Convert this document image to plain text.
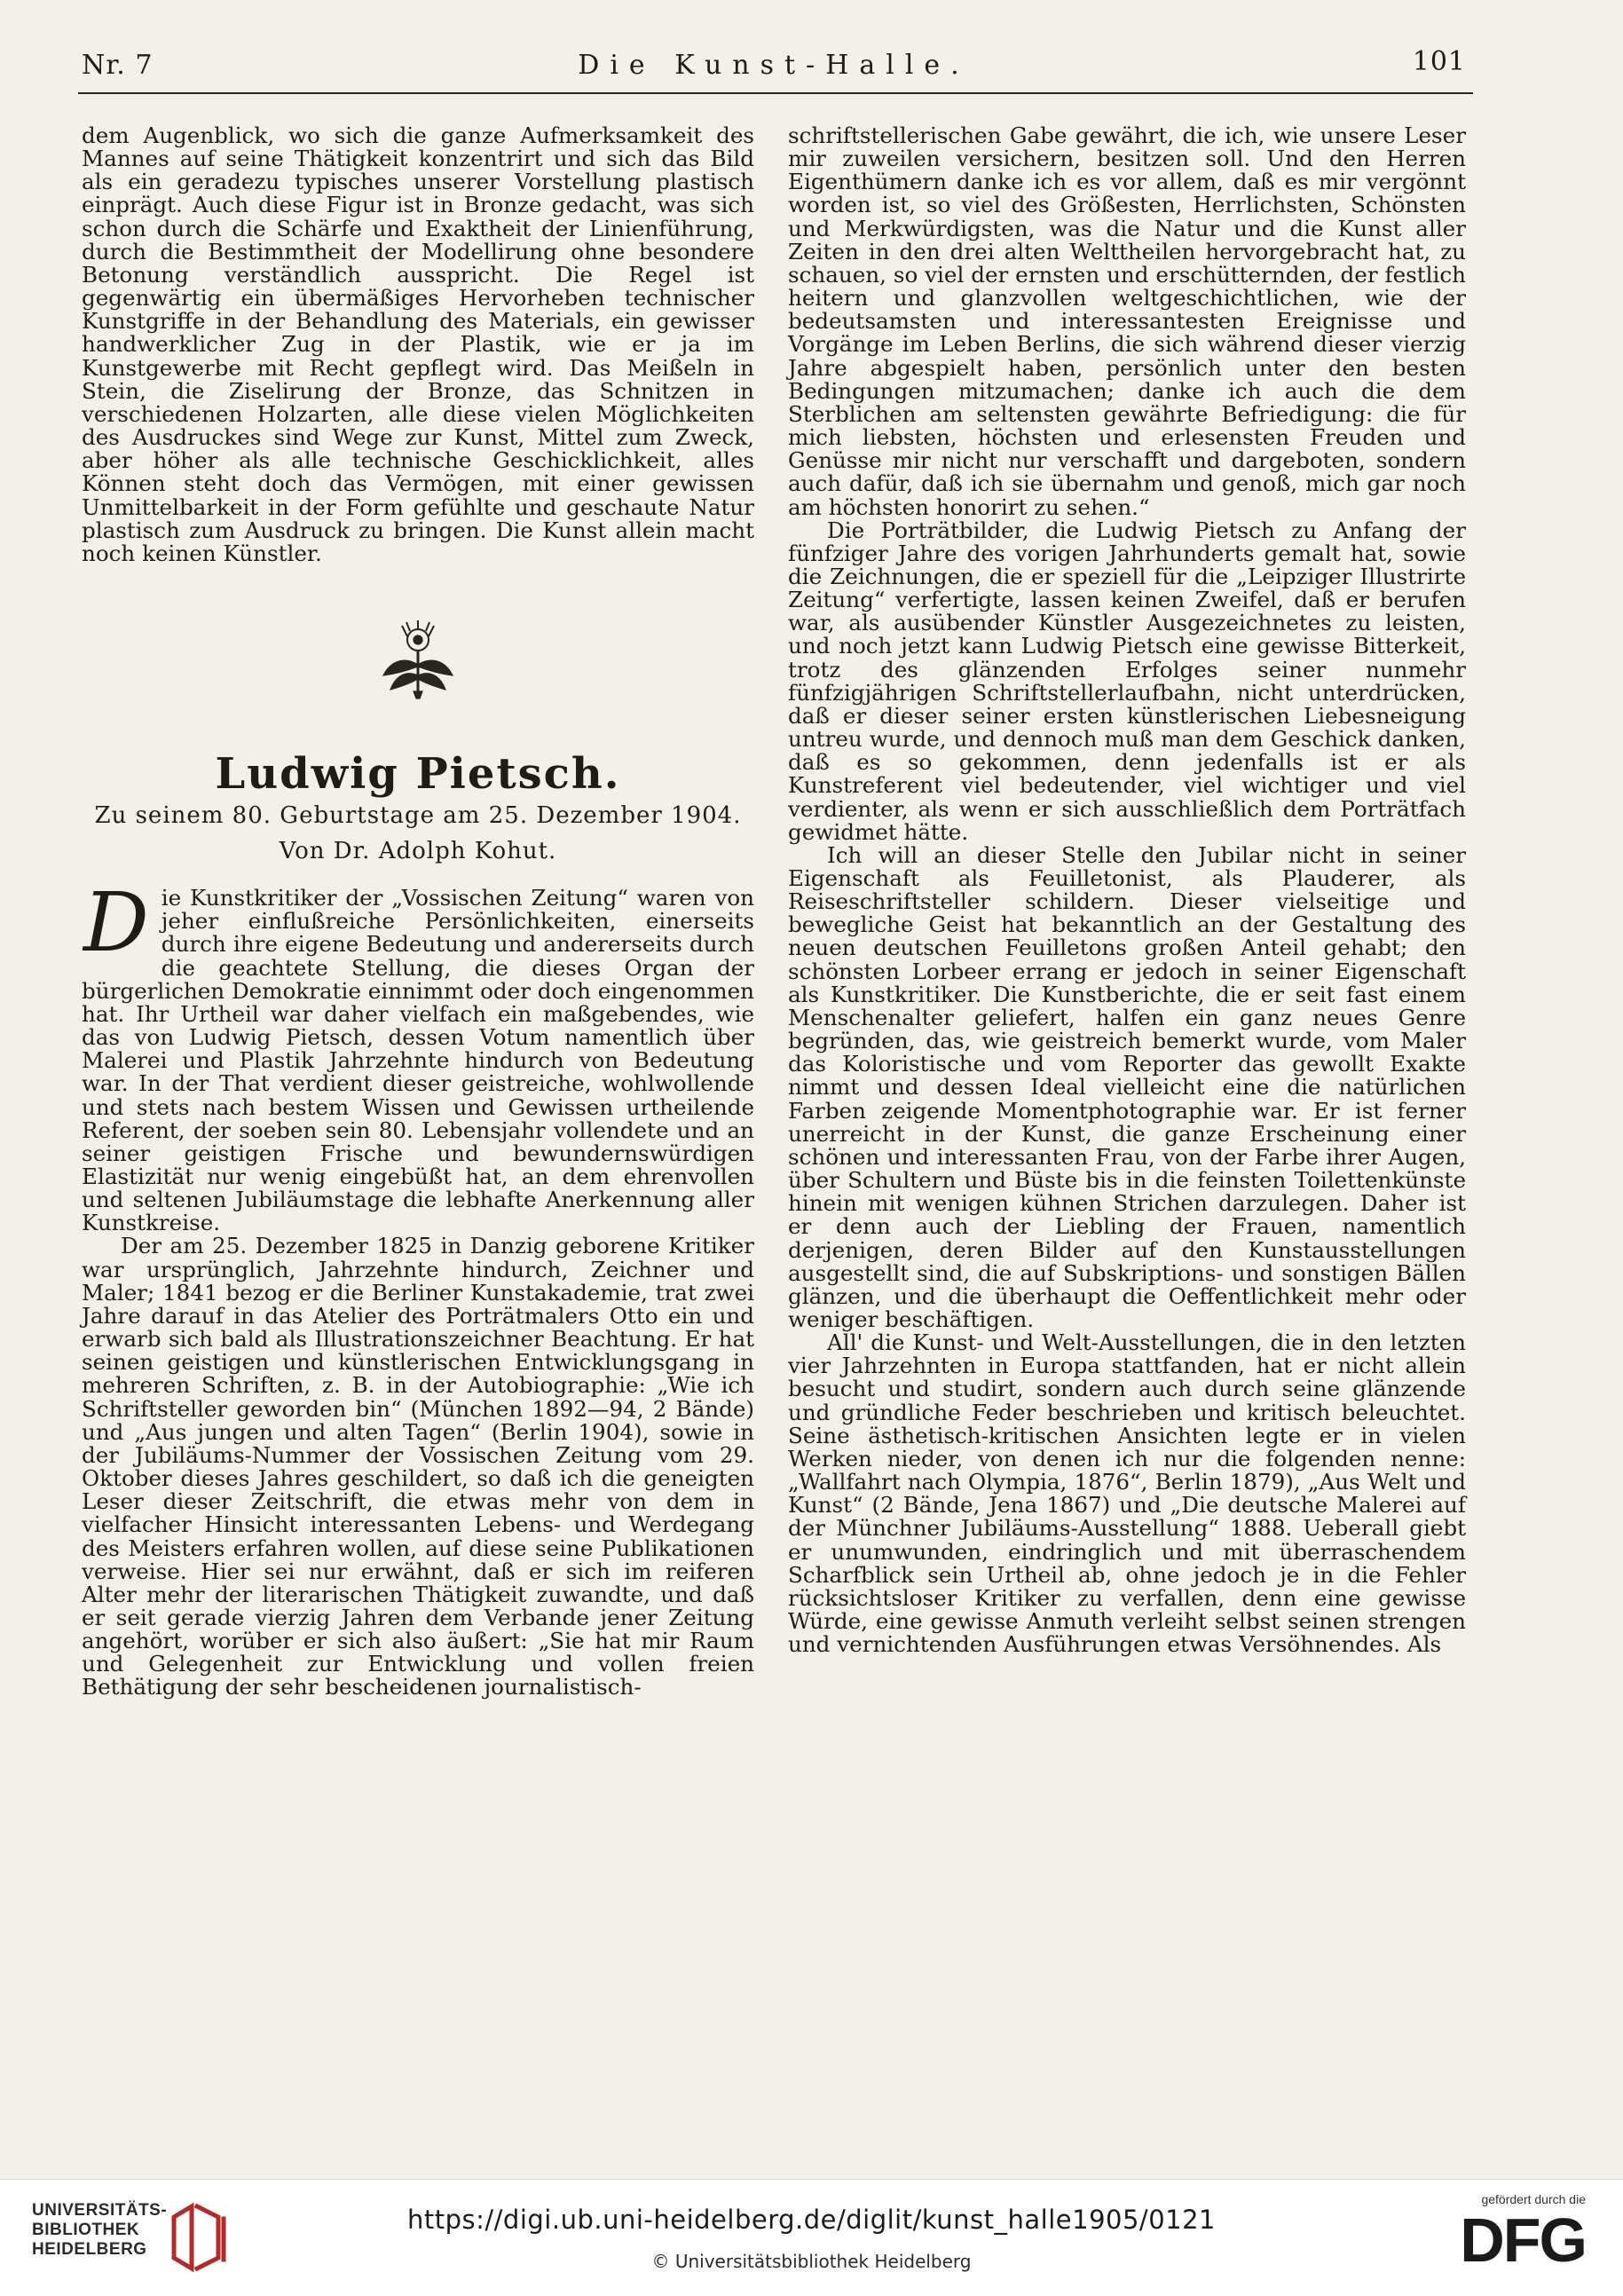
Nr. 7	Die Kunst-Halle.	101

dem Augenblick, wo sich die ganze Aufmerksamkeit des Mannes auf seine Thätigkeit konzentrirt und sich das Bild als ein geradezu typisches unserer Vorstellung plastisch einprägt. Auch diese Figur ist in Bronze gedacht, was sich schon durch die Schärfe und Exaktheit der Linienführung, durch die Bestimmtheit der Modellirung ohne besondere Betonung verständlich ausspricht. Die Regel ist gegenwärtig ein übermäßiges Hervorheben technischer Kunstgriffe in der Behandlung des Materials, ein gewisser handwerklicher Zug in der Plastik, wie er ja im Kunstgewerbe mit Recht gepflegt wird. Das Meißeln in Stein, die Ziselirung der Bronze, das Schnitzen in verschiedenen Holzarten, alle diese vielen Möglichkeiten des Ausdruckes sind Wege zur Kunst, Mittel zum Zweck, aber höher als alle technische Geschicklichkeit, alles Können steht doch das Vermögen, mit einer gewissen Unmittelbarkeit in der Form gefühlte und geschaute Natur plastisch zum Ausdruck zu bringen. Die Kunst allein macht noch keinen Künstler.

Ludwig Pietsch.
Zu seinem 80. Geburtstage am 25. Dezember 1904.
Von Dr. Adolph Kohut.

Die Kunstkritiker der „Vossischen Zeitung“ waren von jeher einflußreiche Persönlichkeiten, einerseits durch ihre eigene Bedeutung und andererseits durch die geachtete Stellung, die dieses Organ der bürgerlichen Demokratie einnimmt oder doch eingenommen hat. Ihr Urtheil war daher vielfach ein maßgebendes, wie das von Ludwig Pietsch, dessen Votum namentlich über Malerei und Plastik Jahrzehnte hindurch von Bedeutung war. In der That verdient dieser geistreiche, wohlwollende und stets nach bestem Wissen und Gewissen urtheilende Referent, der soeben sein 80. Lebensjahr vollendete und an seiner geistigen Frische und bewundernswürdigen Elastizität nur wenig eingebüßt hat, an dem ehrenvollen und seltenen Jubiläumstage die lebhafte Anerkennung aller Kunstkreise.

Der am 25. Dezember 1825 in Danzig geborene Kritiker war ursprünglich, Jahrzehnte hindurch, Zeichner und Maler; 1841 bezog er die Berliner Kunstakademie, trat zwei Jahre darauf in das Atelier des Porträtmalers Otto ein und erwarb sich bald als Illustrationszeichner Beachtung. Er hat seinen geistigen und künstlerischen Entwicklungsgang in mehreren Schriften, z. B. in der Autobiographie: „Wie ich Schriftsteller geworden bin“ (München 1892—94, 2 Bände) und „Aus jungen und alten Tagen“ (Berlin 1904), sowie in der Jubiläums-Nummer der Vossischen Zeitung vom 29. Oktober dieses Jahres geschildert, so daß ich die geneigten Leser dieser Zeitschrift, die etwas mehr von dem in vielfacher Hinsicht interessanten Lebens- und Werdegang des Meisters erfahren wollen, auf diese seine Publikationen verweise. Hier sei nur erwähnt, daß er sich im reiferen Alter mehr der literarischen Thätigkeit zuwandte, und daß er seit gerade vierzig Jahren dem Verbande jener Zeitung angehört, worüber er sich also äußert: „Sie hat mir Raum und Gelegenheit zur Entwicklung und vollen freien Bethätigung der sehr bescheidenen journalistisch-

schriftstellerischen Gabe gewährt, die ich, wie unsere Leser mir zuweilen versichern, besitzen soll. Und den Herren Eigenthümern danke ich es vor allem, daß es mir vergönnt worden ist, so viel des Größesten, Herrlichsten, Schönsten und Merkwürdigsten, was die Natur und die Kunst aller Zeiten in den drei alten Welttheilen hervorgebracht hat, zu schauen, so viel der ernsten und erschütternden, der festlich heitern und glanzvollen weltgeschichtlichen, wie der bedeutsamsten und interessantesten Ereignisse und Vorgänge im Leben Berlins, die sich während dieser vierzig Jahre abgespielt haben, persönlich unter den besten Bedingungen mitzumachen; danke ich auch die dem Sterblichen am seltensten gewährte Befriedigung: die für mich liebsten, höchsten und erlesensten Freuden und Genüsse mir nicht nur verschafft und dargeboten, sondern auch dafür, daß ich sie übernahm und genoß, mich gar noch am höchsten honorirt zu sehen.“

Die Porträtbilder, die Ludwig Pietsch zu Anfang der fünfziger Jahre des vorigen Jahrhunderts gemalt hat, sowie die Zeichnungen, die er speziell für die „Leipziger Illustrirte Zeitung“ verfertigte, lassen keinen Zweifel, daß er berufen war, als ausübender Künstler Ausgezeichnetes zu leisten, und noch jetzt kann Ludwig Pietsch eine gewisse Bitterkeit, trotz des glänzenden Erfolges seiner nunmehr fünfzigjährigen Schriftstellerlaufbahn, nicht unterdrücken, daß er dieser seiner ersten künstlerischen Liebesneigung untreu wurde, und dennoch muß man dem Geschick danken, daß es so gekommen, denn jedenfalls ist er als Kunstreferent viel bedeutender, viel wichtiger und viel verdienter, als wenn er sich ausschließlich dem Porträtfach gewidmet hätte.

Ich will an dieser Stelle den Jubilar nicht in seiner Eigenschaft als Feuilletonist, als Plauderer, als Reiseschriftsteller schildern. Dieser vielseitige und bewegliche Geist hat bekanntlich an der Gestaltung des neuen deutschen Feuilletons großen Anteil gehabt; den schönsten Lorbeer errang er jedoch in seiner Eigenschaft als Kunstkritiker. Die Kunstberichte, die er seit fast einem Menschenalter geliefert, halfen ein ganz neues Genre begründen, das, wie geistreich bemerkt wurde, vom Maler das Koloristische und vom Reporter das gewollt Exakte nimmt und dessen Ideal vielleicht eine die natürlichen Farben zeigende Momentphotographie war. Er ist ferner unerreicht in der Kunst, die ganze Erscheinung einer schönen und interessanten Frau, von der Farbe ihrer Augen, über Schultern und Büste bis in die feinsten Toilettenkünste hinein mit wenigen kühnen Strichen darzulegen. Daher ist er denn auch der Liebling der Frauen, namentlich derjenigen, deren Bilder auf den Kunstausstellungen ausgestellt sind, die auf Subskriptions- und sonstigen Bällen glänzen, und die überhaupt die Oeffentlichkeit mehr oder weniger beschäftigen.

All' die Kunst- und Welt-Ausstellungen, die in den letzten vier Jahrzehnten in Europa stattfanden, hat er nicht allein besucht und studirt, sondern auch durch seine glänzende und gründliche Feder beschrieben und kritisch beleuchtet. Seine ästhetisch-kritischen Ansichten legte er in vielen Werken nieder, von denen ich nur die folgenden nenne: „Wallfahrt nach Olympia, 1876“, Berlin 1879), „Aus Welt und Kunst“ (2 Bände, Jena 1867) und „Die deutsche Malerei auf der Münchner Jubiläums-Ausstellung“ 1888. Ueberall giebt er unumwunden, eindringlich und mit überraschendem Scharfblick sein Urtheil ab, ohne jedoch je in die Fehler rücksichtsloser Kritiker zu verfallen, denn eine gewisse Würde, eine gewisse Anmuth verleiht selbst seinen strengen und vernichtenden Ausführungen etwas Versöhnendes. Als

UNIVERSITÄTS-
BIBLIOTHEK
HEIDELBERG
https://digi.ub.uni-heidelberg.de/diglit/kunst_halle1905/0121
© Universitätsbibliothek Heidelberg
gefördert durch die
DFG
